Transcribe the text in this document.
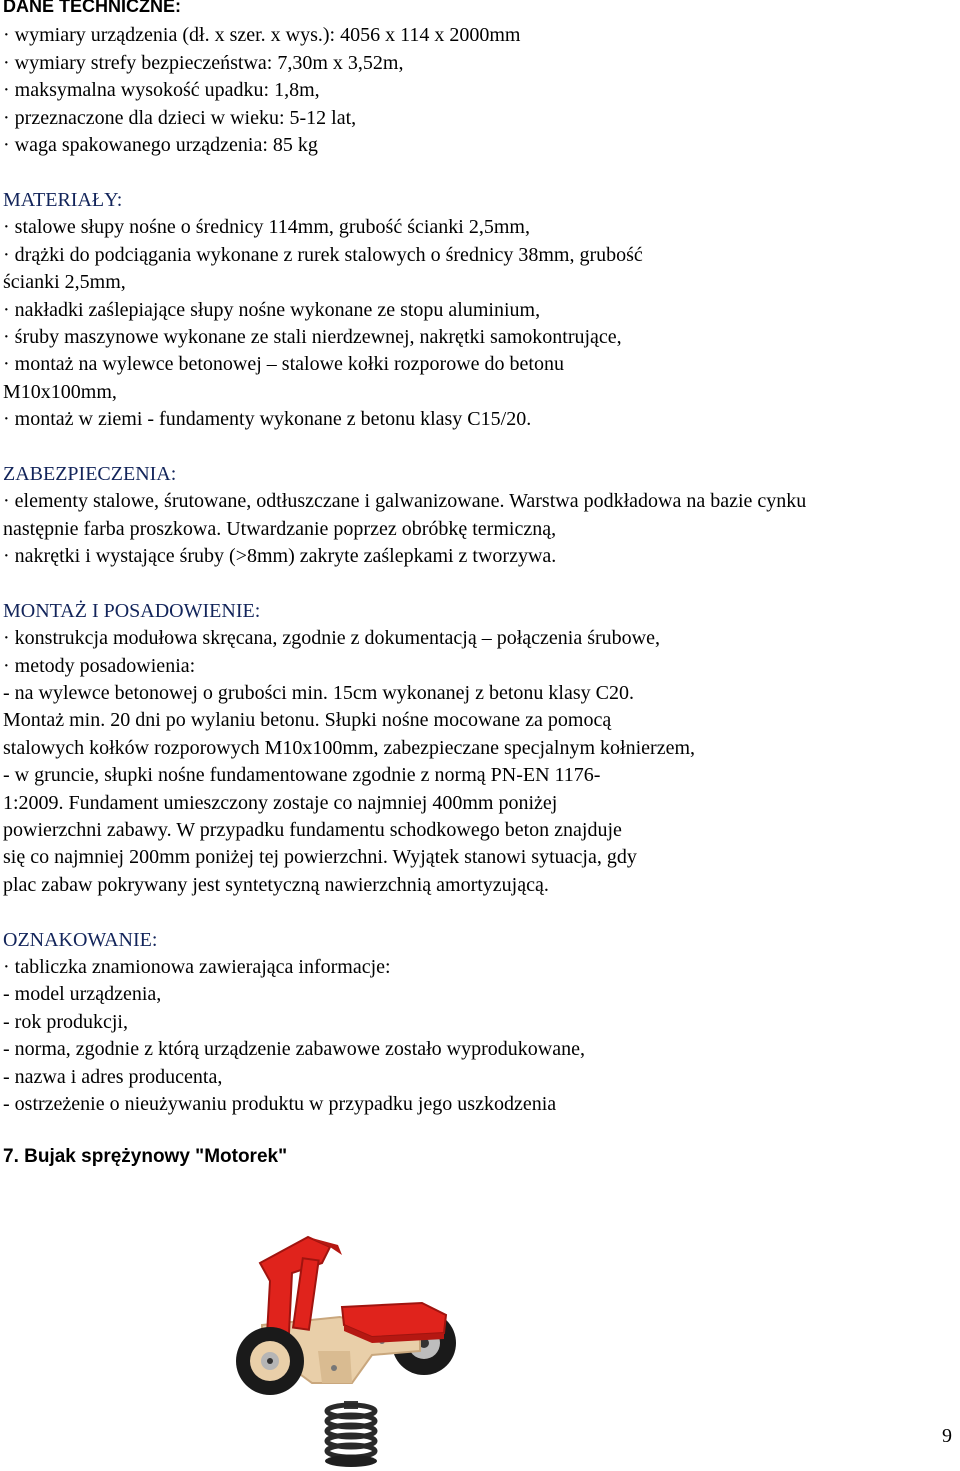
DANE TECHNICZNE:
· wymiary urządzenia (dł. x szer. x wys.): 4056 x 114 x 2000mm
· wymiary strefy bezpieczeństwa: 7,30m x 3,52m,
· maksymalna wysokość upadku: 1,8m,
· przeznaczone dla dzieci w wieku: 5-12 lat,
· waga spakowanego urządzenia: 85 kg
MATERIAŁY:
· stalowe słupy nośne o średnicy 114mm, grubość ścianki 2,5mm,
· drążki do podciągania wykonane z rurek stalowych o średnicy 38mm, grubość
ścianki 2,5mm,
· nakładki zaślepiające słupy nośne wykonane ze stopu aluminium,
· śruby maszynowe wykonane ze stali nierdzewnej, nakrętki samokontrujące,
· montaż na wylewce betonowej – stalowe kołki rozporowe do betonu
M10x100mm,
· montaż w ziemi - fundamenty wykonane z betonu klasy C15/20.
ZABEZPIECZENIA:
· elementy stalowe, śrutowane, odtłuszczane i galwanizowane. Warstwa podkładowa na bazie cynku
następnie farba proszkowa. Utwardzanie poprzez obróbkę termiczną,
· nakrętki i wystające śruby (>8mm) zakryte zaślepkami z tworzywa.
MONTAŻ I POSADOWIENIE:
· konstrukcja modułowa skręcana, zgodnie z dokumentacją – połączenia śrubowe,
· metody posadowienia:
- na wylewce betonowej o grubości min. 15cm wykonanej z betonu klasy C20.
Montaż min. 20 dni po wylaniu betonu. Słupki nośne mocowane za pomocą
stalowych kołków rozporowych M10x100mm, zabezpieczane specjalnym kołnierzem,
- w gruncie, słupki nośne fundamentowane zgodnie z normą PN-EN 1176-
1:2009. Fundament umieszczony zostaje co najmniej 400mm poniżej
powierzchni zabawy. W przypadku fundamentu schodkowego beton znajduje
się co najmniej 200mm poniżej tej powierzchni. Wyjątek stanowi sytuacja, gdy
plac zabaw pokrywany jest syntetyczną nawierzchnią amortyzującą.
OZNAKOWANIE:
· tabliczka znamionowa zawierająca informacje:
- model urządzenia,
- rok produkcji,
- norma, zgodnie z którą urządzenie zabawowe zostało wyprodukowane,
- nazwa i adres producenta,
- ostrzeżenie o nieużywaniu produktu w przypadku jego uszkodzenia
7. Bujak sprężynowy "Motorek"
9
